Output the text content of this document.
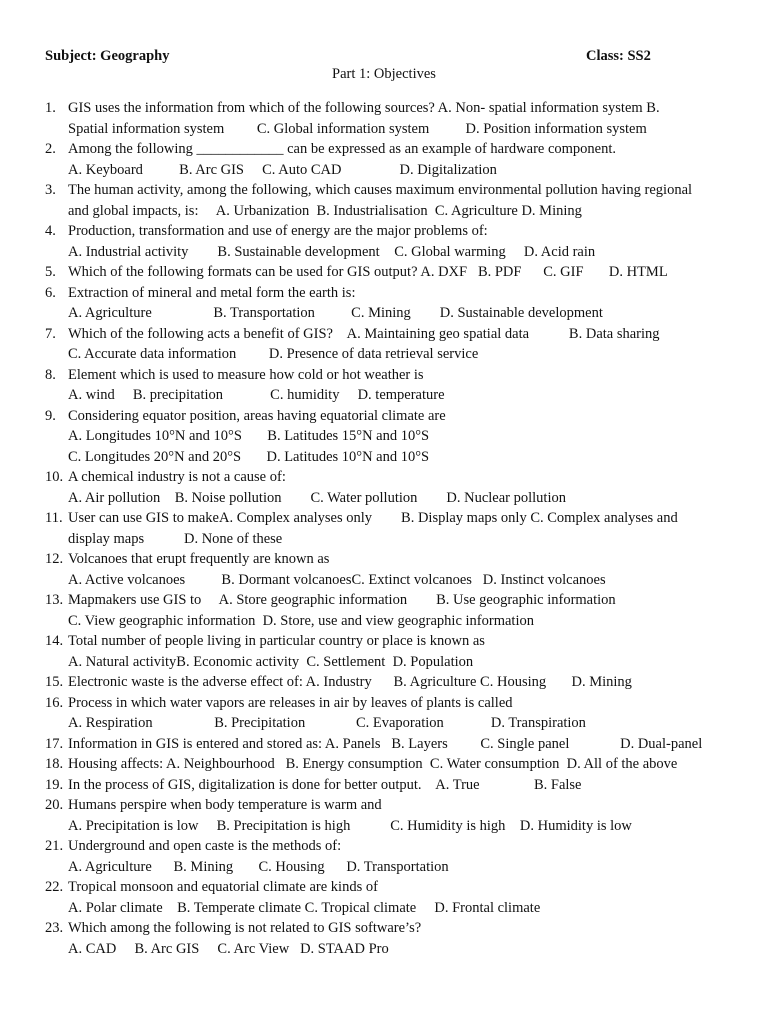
Subject: Geography	Class: SS2
Part 1: Objectives
1. GIS uses the information from which of the following sources? A. Non- spatial information system B.
Spatial information system         C. Global information system          D. Position information system
2. Among the following ____________ can be expressed as an example of hardware component.
A. Keyboard          B. Arc GIS     C. Auto CAD                D. Digitalization
3. The human activity, among the following, which causes maximum environmental pollution having regional
and global impacts, is:     A. Urbanization  B. Industrialisation  C. Agriculture D. Mining
4. Production, transformation and use of energy are the major problems of:
A. Industrial activity        B. Sustainable development    C. Global warming     D. Acid rain
5. Which of the following formats can be used for GIS output? A. DXF   B. PDF      C. GIF       D. HTML
6. Extraction of mineral and metal form the earth is:
A. Agriculture                 B. Transportation          C. Mining        D. Sustainable development
7. Which of the following acts a benefit of GIS?    A. Maintaining geo spatial data           B. Data sharing
C. Accurate data information         D. Presence of data retrieval service
8. Element which is used to measure how cold or hot weather is
A. wind     B. precipitation             C. humidity     D. temperature
9. Considering equator position, areas having equatorial climate are
A. Longitudes 10°N and 10°S       B. Latitudes 15°N and 10°S
C. Longitudes 20°N and 20°S       D. Latitudes 10°N and 10°S
10. A chemical industry is not a cause of:
A. Air pollution    B. Noise pollution        C. Water pollution        D. Nuclear pollution
11. User can use GIS to makeA. Complex analyses only        B. Display maps only C. Complex analyses and
display maps           D. None of these
12. Volcanoes that erupt frequently are known as
A. Active volcanoes          B. Dormant volcanoesC. Extinct volcanoes   D. Instinct volcanoes
13. Mapmakers use GIS to     A. Store geographic information        B. Use geographic information
C. View geographic information  D. Store, use and view geographic information
14. Total number of people living in particular country or place is known as
A. Natural activityB. Economic activity  C. Settlement  D. Population
15. Electronic waste is the adverse effect of: A. Industry      B. Agriculture C. Housing       D. Mining
16. Process in which water vapors are releases in air by leaves of plants is called
A. Respiration                 B. Precipitation              C. Evaporation             D. Transpiration
17. Information in GIS is entered and stored as: A. Panels   B. Layers         C. Single panel              D. Dual-panel
18. Housing affects: A. Neighbourhood   B. Energy consumption  C. Water consumption  D. All of the above
19. In the process of GIS, digitalization is done for better output.    A. True               B. False
20. Humans perspire when body temperature is warm and
A. Precipitation is low     B. Precipitation is high           C. Humidity is high    D. Humidity is low
21. Underground and open caste is the methods of:
A. Agriculture      B. Mining       C. Housing      D. Transportation
22. Tropical monsoon and equatorial climate are kinds of
A. Polar climate    B. Temperate climate C. Tropical climate     D. Frontal climate
23. Which among the following is not related to GIS software’s?
A. CAD     B. Arc GIS     C. Arc View   D. STAAD Pro
